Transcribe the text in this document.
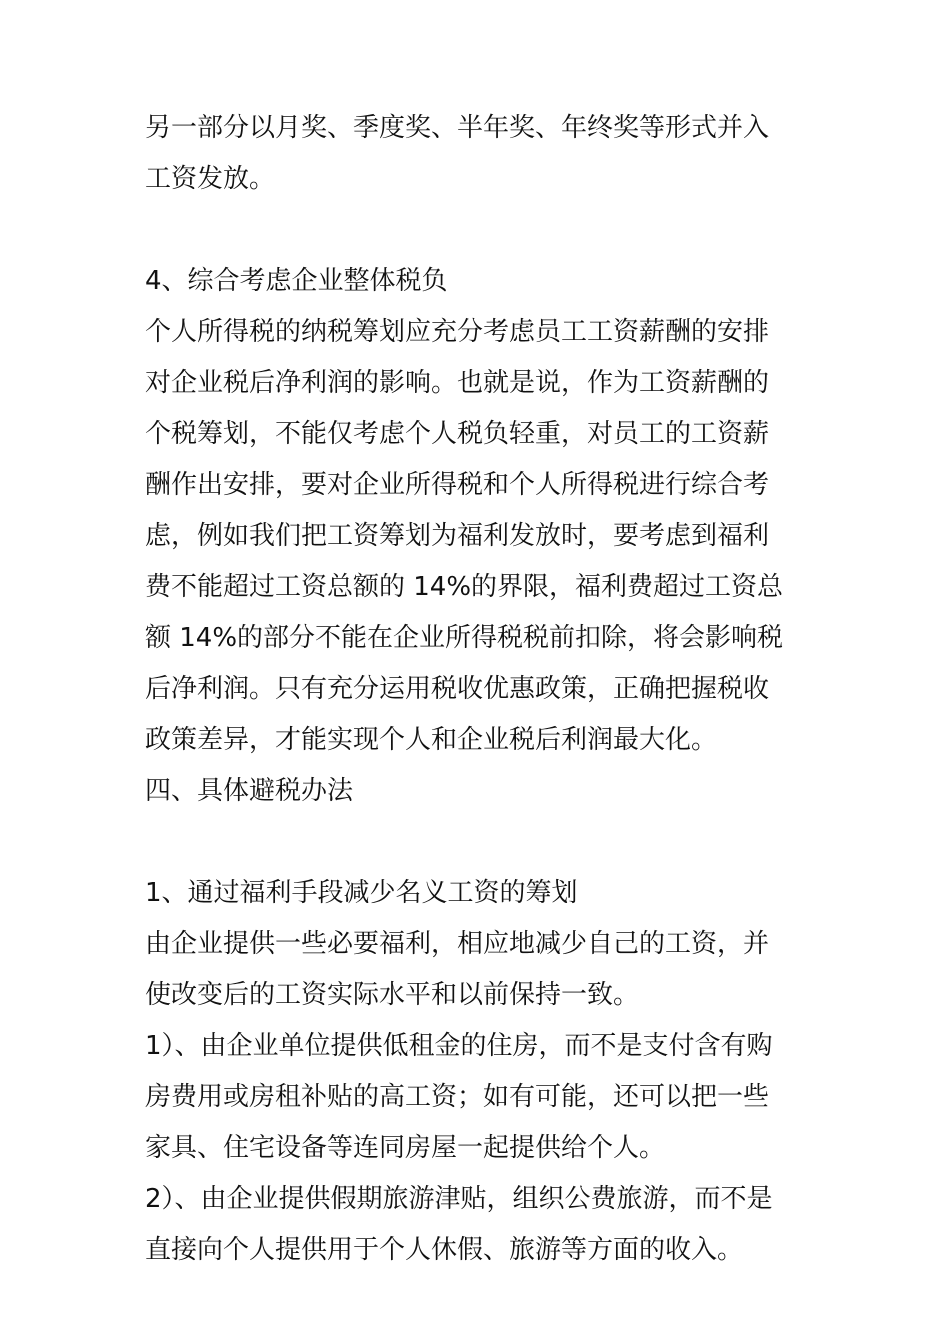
另一部分以月奖、季度奖、半年奖、年终奖等形式并入
工资发放。
4、综合考虑企业整体税负
个人所得税的纳税筹划应充分考虑员工工资薪酬的安排
对企业税后净利润的影响。也就是说，作为工资薪酬的
个税筹划，不能仅考虑个人税负轻重，对员工的工资薪
酬作出安排，要对企业所得税和个人所得税进行综合考
虑，例如我们把工资筹划为福利发放时，要考虑到福利
费不能超过工资总额的 14%的界限，福利费超过工资总
额 14%的部分不能在企业所得税税前扣除，将会影响税
后净利润。只有充分运用税收优惠政策，正确把握税收
政策差异，才能实现个人和企业税后利润最大化。
四、具体避税办法
1、通过福利手段减少名义工资的筹划
由企业提供一些必要福利，相应地减少自己的工资，并
使改变后的工资实际水平和以前保持一致。
1）、由企业单位提供低租金的住房，而不是支付含有购
房费用或房租补贴的高工资；如有可能，还可以把一些
家具、住宅设备等连同房屋一起提供给个人。
2）、由企业提供假期旅游津贴，组织公费旅游，而不是
直接向个人提供用于个人休假、旅游等方面的收入。
